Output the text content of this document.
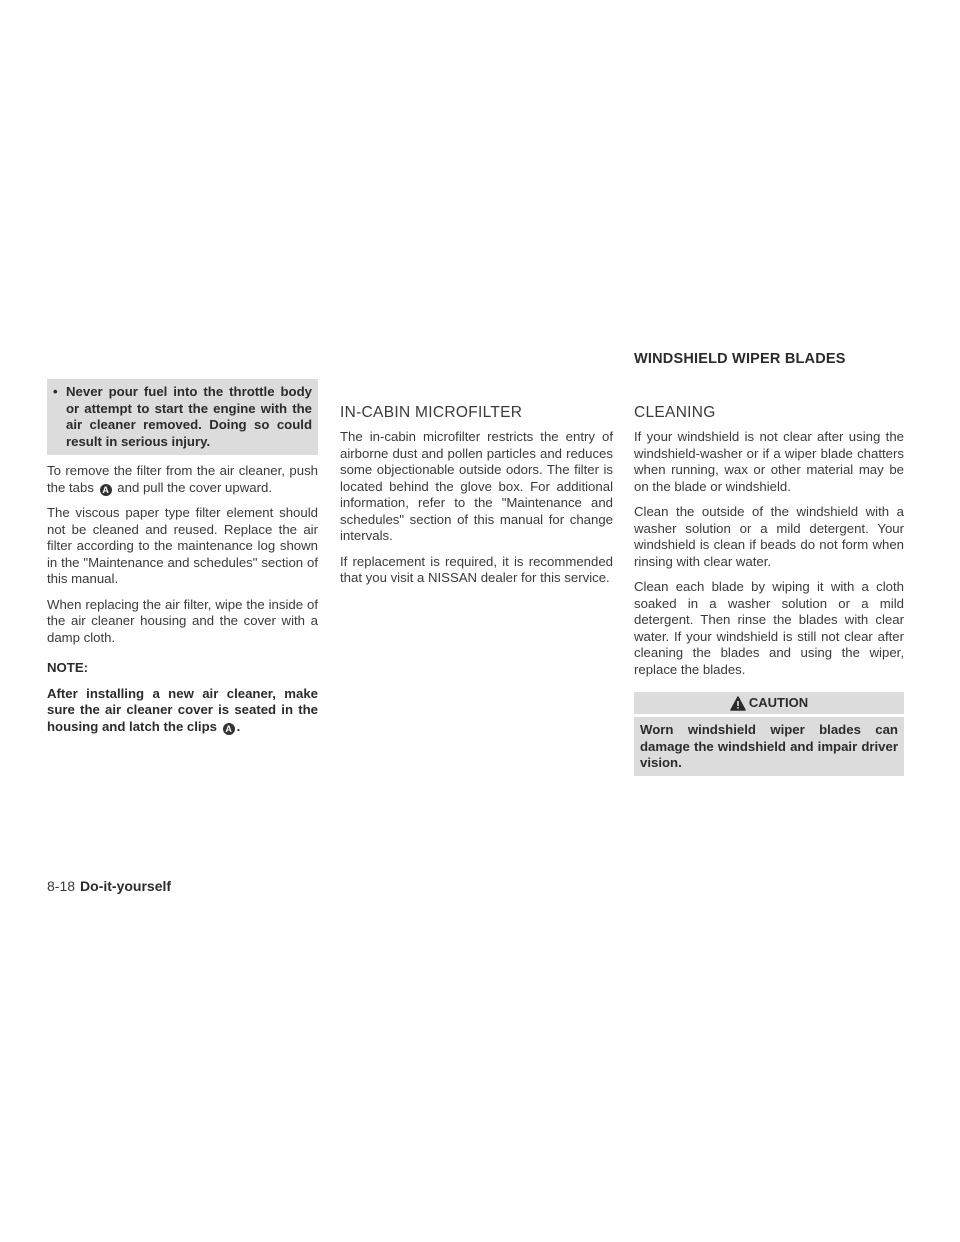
WINDSHIELD WIPER BLADES
• Never pour fuel into the throttle body or attempt to start the engine with the air cleaner removed. Doing so could result in serious injury.

To remove the filter from the air cleaner, push the tabs A and pull the cover upward.

The viscous paper type filter element should not be cleaned and reused. Replace the air filter according to the maintenance log shown in the "Maintenance and schedules" section of this manual.

When replacing the air filter, wipe the inside of the air cleaner housing and the cover with a damp cloth.

NOTE:

After installing a new air cleaner, make sure the air cleaner cover is seated in the housing and latch the clips A .

IN-CABIN MICROFILTER

The in-cabin microfilter restricts the entry of airborne dust and pollen particles and reduces some objectionable outside odors. The filter is located behind the glove box. For additional information, refer to the "Maintenance and schedules" section of this manual for change intervals.

If replacement is required, it is recommended that you visit a NISSAN dealer for this service.

CLEANING

If your windshield is not clear after using the windshield-washer or if a wiper blade chatters when running, wax or other material may be on the blade or windshield.

Clean the outside of the windshield with a washer solution or a mild detergent. Your windshield is clean if beads do not form when rinsing with clear water.

Clean each blade by wiping it with a cloth soaked in a washer solution or a mild detergent. Then rinse the blades with clear water. If your windshield is still not clear after cleaning the blades and using the wiper, replace the blades.

CAUTION
Worn windshield wiper blades can damage the windshield and impair driver vision.
8-18 Do-it-yourself
